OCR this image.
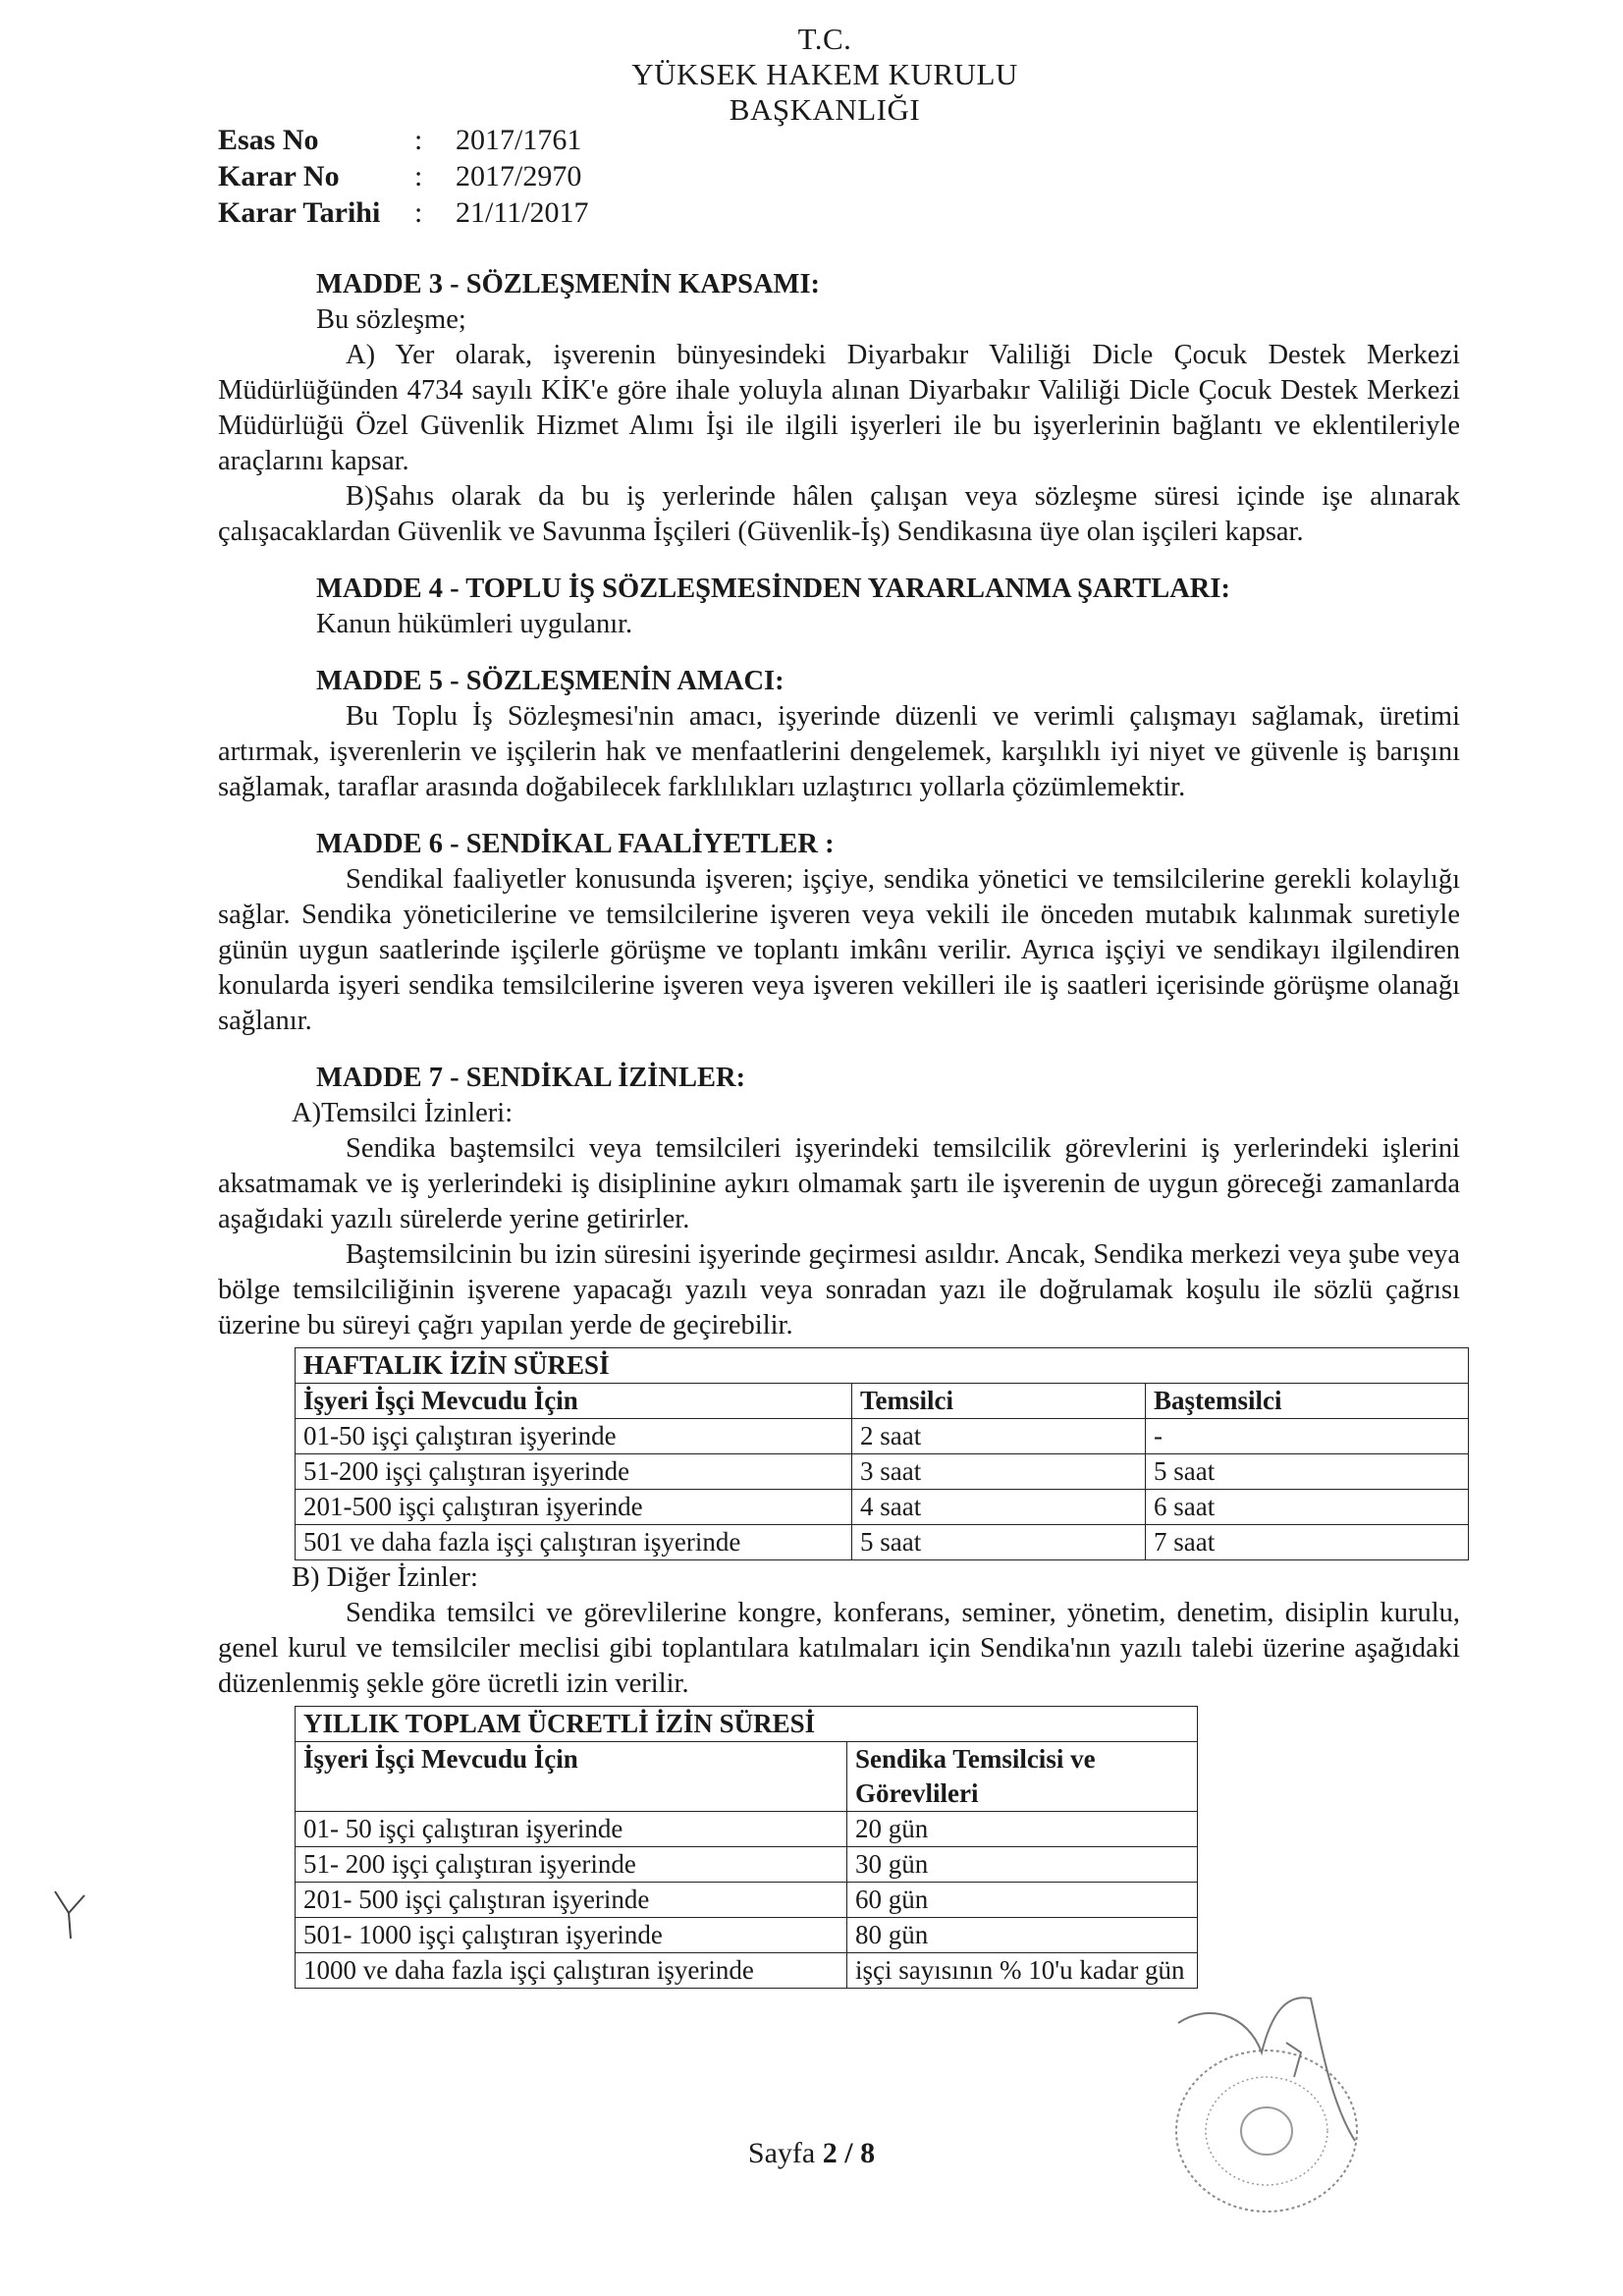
T.C.
YÜKSEK HAKEM KURULU
BAŞKANLIĞI
Esas No	:	2017/1761
Karar No	:	2017/2970
Karar Tarihi	:	21/11/2017
MADDE 3 - SÖZLEŞMENİN KAPSAMI:

Bu sözleşme;

A) Yer olarak, işverenin bünyesindeki Diyarbakır Valiliği Dicle Çocuk Destek Merkezi Müdürlüğünden 4734 sayılı KİK'e göre ihale yoluyla alınan Diyarbakır Valiliği Dicle Çocuk Destek Merkezi Müdürlüğü Özel Güvenlik Hizmet Alımı İşi ile ilgili işyerleri ile bu işyerlerinin bağlantı ve eklentileriyle araçlarını kapsar.

B)Şahıs olarak da bu iş yerlerinde hâlen çalışan veya sözleşme süresi içinde işe alınarak çalışacaklardan Güvenlik ve Savunma İşçileri (Güvenlik-İş) Sendikasına üye olan işçileri kapsar.

MADDE 4 - TOPLU İŞ SÖZLEŞMESİNDEN YARARLANMA ŞARTLARI:

Kanun hükümleri uygulanır.

MADDE 5 - SÖZLEŞMENİN AMACI:

Bu Toplu İş Sözleşmesi'nin amacı, işyerinde düzenli ve verimli çalışmayı sağlamak, üretimi artırmak, işverenlerin ve işçilerin hak ve menfaatlerini dengelemek, karşılıklı iyi niyet ve güvenle iş barışını sağlamak, taraflar arasında doğabilecek farklılıkları uzlaştırıcı yollarla çözümlemektir.

MADDE 6 - SENDİKAL FAALİYETLER :

Sendikal faaliyetler konusunda işveren; işçiye, sendika yönetici ve temsilcilerine gerekli kolaylığı sağlar. Sendika yöneticilerine ve temsilcilerine işveren veya vekili ile önceden mutabık kalınmak suretiyle günün uygun saatlerinde işçilerle görüşme ve toplantı imkânı verilir. Ayrıca işçiyi ve sendikayı ilgilendiren konularda işyeri sendika temsilcilerine işveren veya işveren vekilleri ile iş saatleri içerisinde görüşme olanağı sağlanır.

MADDE 7 - SENDİKAL İZİNLER:

A)Temsilci İzinleri:

Sendika baştemsilci veya temsilcileri işyerindeki temsilcilik görevlerini iş yerlerindeki işlerini aksatmamak ve iş yerlerindeki iş disiplinine aykırı olmamak şartı ile işverenin de uygun göreceği zamanlarda aşağıdaki yazılı sürelerde yerine getirirler.

Baştemsilcinin bu izin süresini işyerinde geçirmesi asıldır. Ancak, Sendika merkezi veya şube veya bölge temsilciliğinin işverene yapacağı yazılı veya sonradan yazı ile doğrulamak koşulu ile sözlü çağrısı üzerine bu süreyi çağrı yapılan yerde de geçirebilir.

HAFTALIK İZİN SÜRESİ		
İşyeri İşçi Mevcudu İçin	Temsilci	Baştemsilci
01-50 işçi çalıştıran işyerinde	2 saat	-
51-200 işçi çalıştıran işyerinde	3 saat	5 saat
201-500 işçi çalıştıran işyerinde	4 saat	6 saat
501 ve daha fazla işçi çalıştıran işyerinde	5 saat	7 saat

B) Diğer İzinler:

Sendika temsilci ve görevlilerine kongre, konferans, seminer, yönetim, denetim, disiplin kurulu, genel kurul ve temsilciler meclisi gibi toplantılara katılmaları için Sendika'nın yazılı talebi üzerine aşağıdaki düzenlenmiş şekle göre ücretli izin verilir.

YILLIK TOPLAM ÜCRETLİ İZİN SÜRESİ	
İşyeri İşçi Mevcudu İçin	Sendika Temsilcisi ve Görevlileri
01- 50 işçi çalıştıran işyerinde	20 gün
51- 200 işçi çalıştıran işyerinde	30 gün
201- 500 işçi çalıştıran işyerinde	60 gün
501- 1000 işçi çalıştıran işyerinde	80 gün
1000 ve daha fazla işçi çalıştıran işyerinde	işçi sayısının % 10'u kadar gün
Sayfa 2 / 8
